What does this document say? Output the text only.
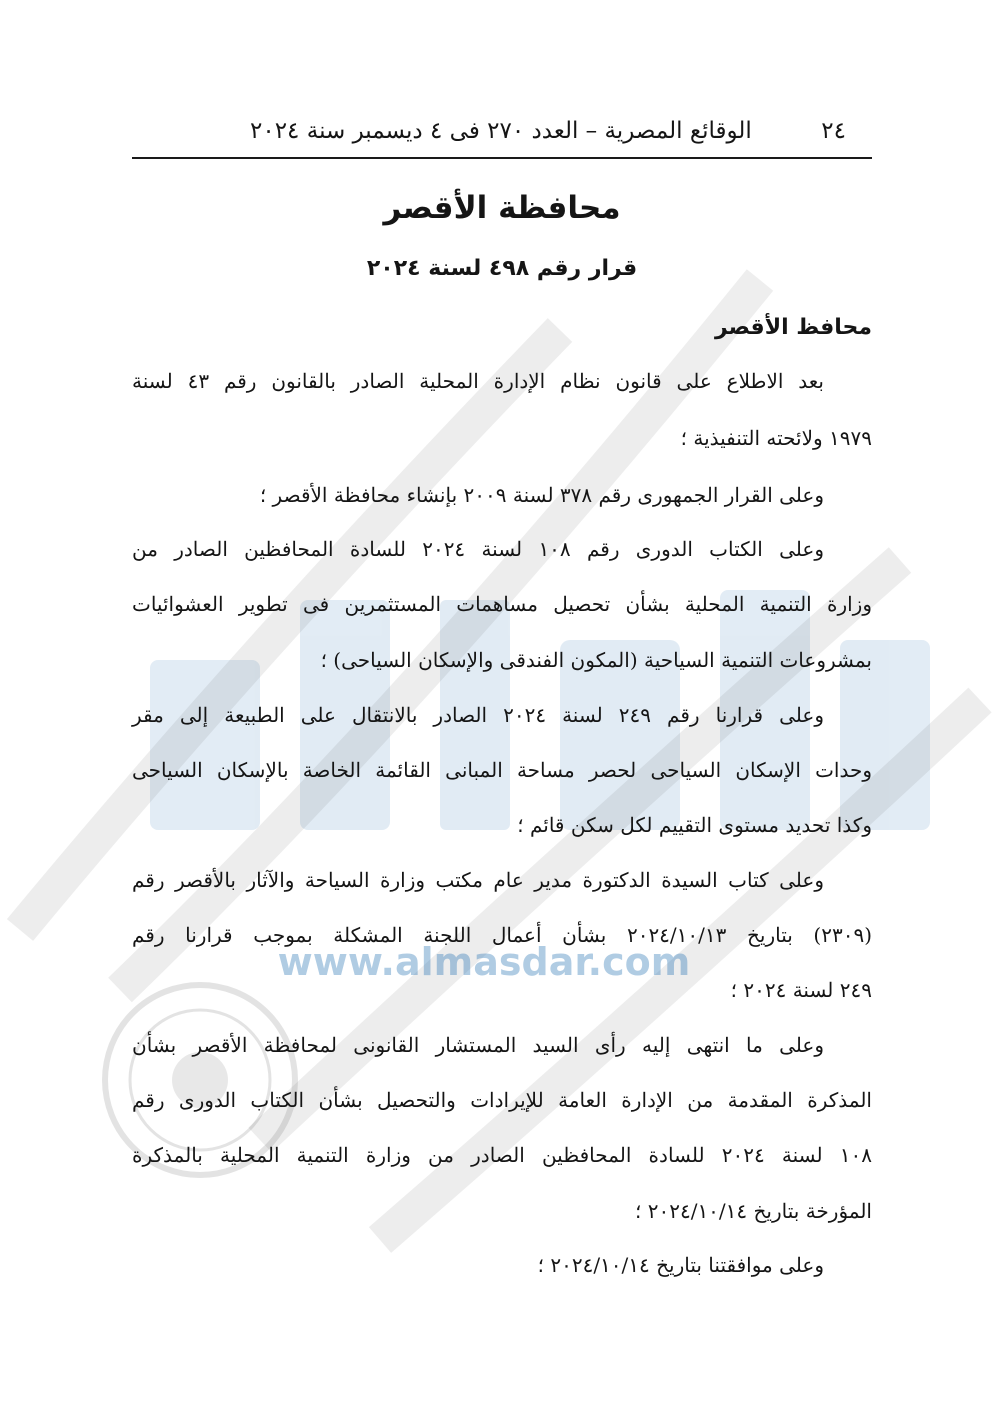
www.almasdar.com
٢٤
الوقائع المصرية – العدد ٢٧٠ فى ٤ ديسمبر سنة ٢٠٢٤
محافظة الأقصر
قرار رقم ٤٩٨ لسنة ٢٠٢٤
محافظ الأقصر
بعد الاطلاع على قانون نظام الإدارة المحلية الصادر بالقانون رقم ٤٣ لسنة
١٩٧٩ ولائحته التنفيذية ؛
وعلى القرار الجمهورى رقم ٣٧٨ لسنة ٢٠٠٩ بإنشاء محافظة الأقصر ؛
وعلى الكتاب الدورى رقم ١٠٨ لسنة ٢٠٢٤ للسادة المحافظين الصادر من
وزارة التنمية المحلية بشأن تحصيل مساهمات المستثمرين فى تطوير العشوائيات
بمشروعات التنمية السياحية (المكون الفندقى والإسكان السياحى) ؛
وعلى قرارنا رقم ٢٤٩ لسنة ٢٠٢٤ الصادر بالانتقال على الطبيعة إلى مقر
وحدات الإسكان السياحى لحصر مساحة المبانى القائمة الخاصة بالإسكان السياحى
وكذا تحديد مستوى التقييم لكل سكن قائم ؛
وعلى كتاب السيدة الدكتورة مدير عام مكتب وزارة السياحة والآثار بالأقصر رقم
(٢٣٠٩) بتاريخ ٢٠٢٤/١٠/١٣ بشأن أعمال اللجنة المشكلة بموجب قرارنا رقم
٢٤٩ لسنة ٢٠٢٤ ؛
وعلى ما انتهى إليه رأى السيد المستشار القانونى لمحافظة الأقصر بشأن
المذكرة المقدمة من الإدارة العامة للإيرادات والتحصيل بشأن الكتاب الدورى رقم
١٠٨ لسنة ٢٠٢٤ للسادة المحافظين الصادر من وزارة التنمية المحلية بالمذكرة
المؤرخة بتاريخ ٢٠٢٤/١٠/١٤ ؛
وعلى موافقتنا بتاريخ ٢٠٢٤/١٠/١٤ ؛
